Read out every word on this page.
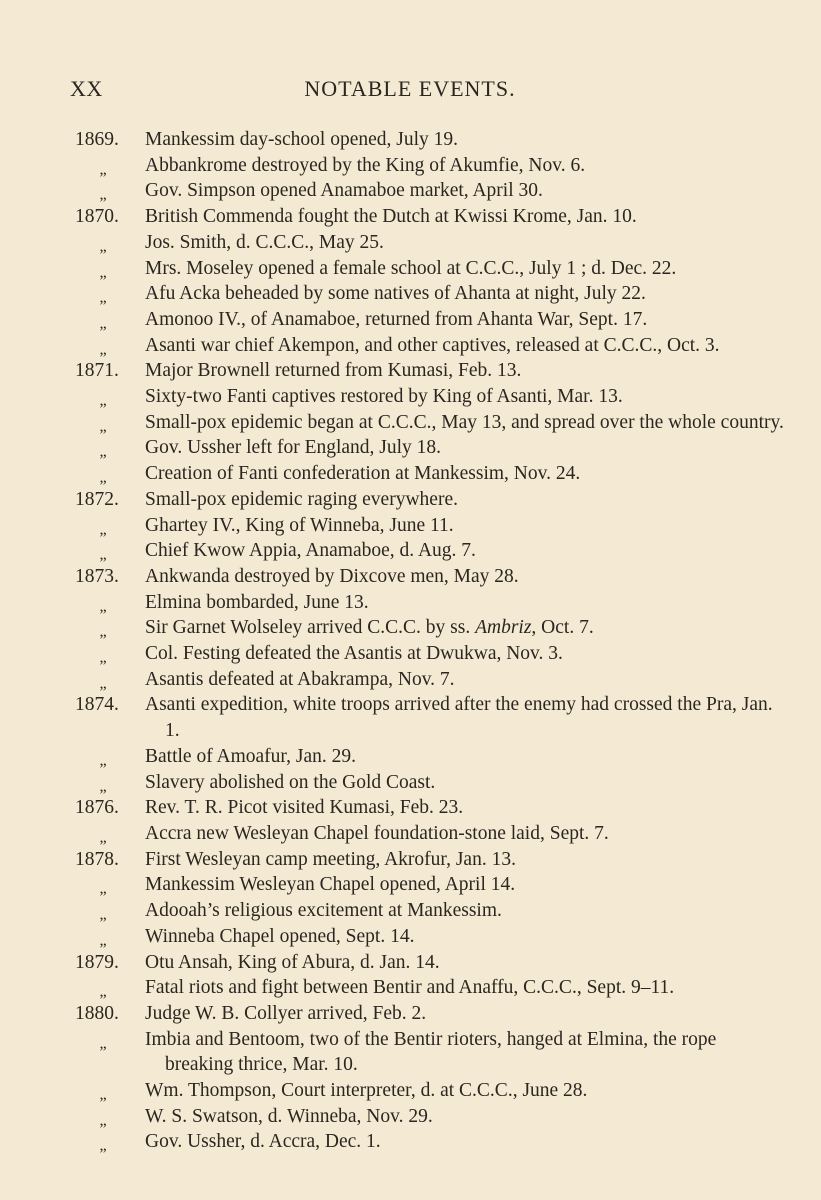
XX	NOTABLE EVENTS.
1869.	Mankessim day-school opened, July 19.
„	Abbankrome destroyed by the King of Akumfie, Nov. 6.
„	Gov. Simpson opened Anamaboe market, April 30.
1870.	British Commenda fought the Dutch at Kwissi Krome, Jan. 10.
„	Jos. Smith, d. C.C.C., May 25.
„	Mrs. Moseley opened a female school at C.C.C., July 1 ; d. Dec. 22.
„	Afu Acka beheaded by some natives of Ahanta at night, July 22.
„	Amonoo IV., of Anamaboe, returned from Ahanta War, Sept. 17.
„	Asanti war chief Akempon, and other captives, released at C.C.C., Oct. 3.
1871.	Major Brownell returned from Kumasi, Feb. 13.
„	Sixty-two Fanti captives restored by King of Asanti, Mar. 13.
„	Small-pox epidemic began at C.C.C., May 13, and spread over the whole country.
„	Gov. Ussher left for England, July 18.
„	Creation of Fanti confederation at Mankessim, Nov. 24.
1872.	Small-pox epidemic raging everywhere.
„	Ghartey IV., King of Winneba, June 11.
„	Chief Kwow Appia, Anamaboe, d. Aug. 7.
1873.	Ankwanda destroyed by Dixcove men, May 28.
„	Elmina bombarded, June 13.
„	Sir Garnet Wolseley arrived C.C.C. by ss. Ambriz, Oct. 7.
„	Col. Festing defeated the Asantis at Dwukwa, Nov. 3.
„	Asantis defeated at Abakrampa, Nov. 7.
1874.	Asanti expedition, white troops arrived after the enemy had crossed the Pra, Jan. 1.
„	Battle of Amoafur, Jan. 29.
„	Slavery abolished on the Gold Coast.
1876.	Rev. T. R. Picot visited Kumasi, Feb. 23.
„	Accra new Wesleyan Chapel foundation-stone laid, Sept. 7.
1878.	First Wesleyan camp meeting, Akrofur, Jan. 13.
„	Mankessim Wesleyan Chapel opened, April 14.
„	Adooah’s religious excitement at Mankessim.
„	Winneba Chapel opened, Sept. 14.
1879.	Otu Ansah, King of Abura, d. Jan. 14.
„	Fatal riots and fight between Bentir and Anaffu, C.C.C., Sept. 9–11.
1880.	Judge W. B. Collyer arrived, Feb. 2.
„	Imbia and Bentoom, two of the Bentir rioters, hanged at Elmina, the rope breaking thrice, Mar. 10.
„	Wm. Thompson, Court interpreter, d. at C.C.C., June 28.
„	W. S. Swatson, d. Winneba, Nov. 29.
„	Gov. Ussher, d. Accra, Dec. 1.
